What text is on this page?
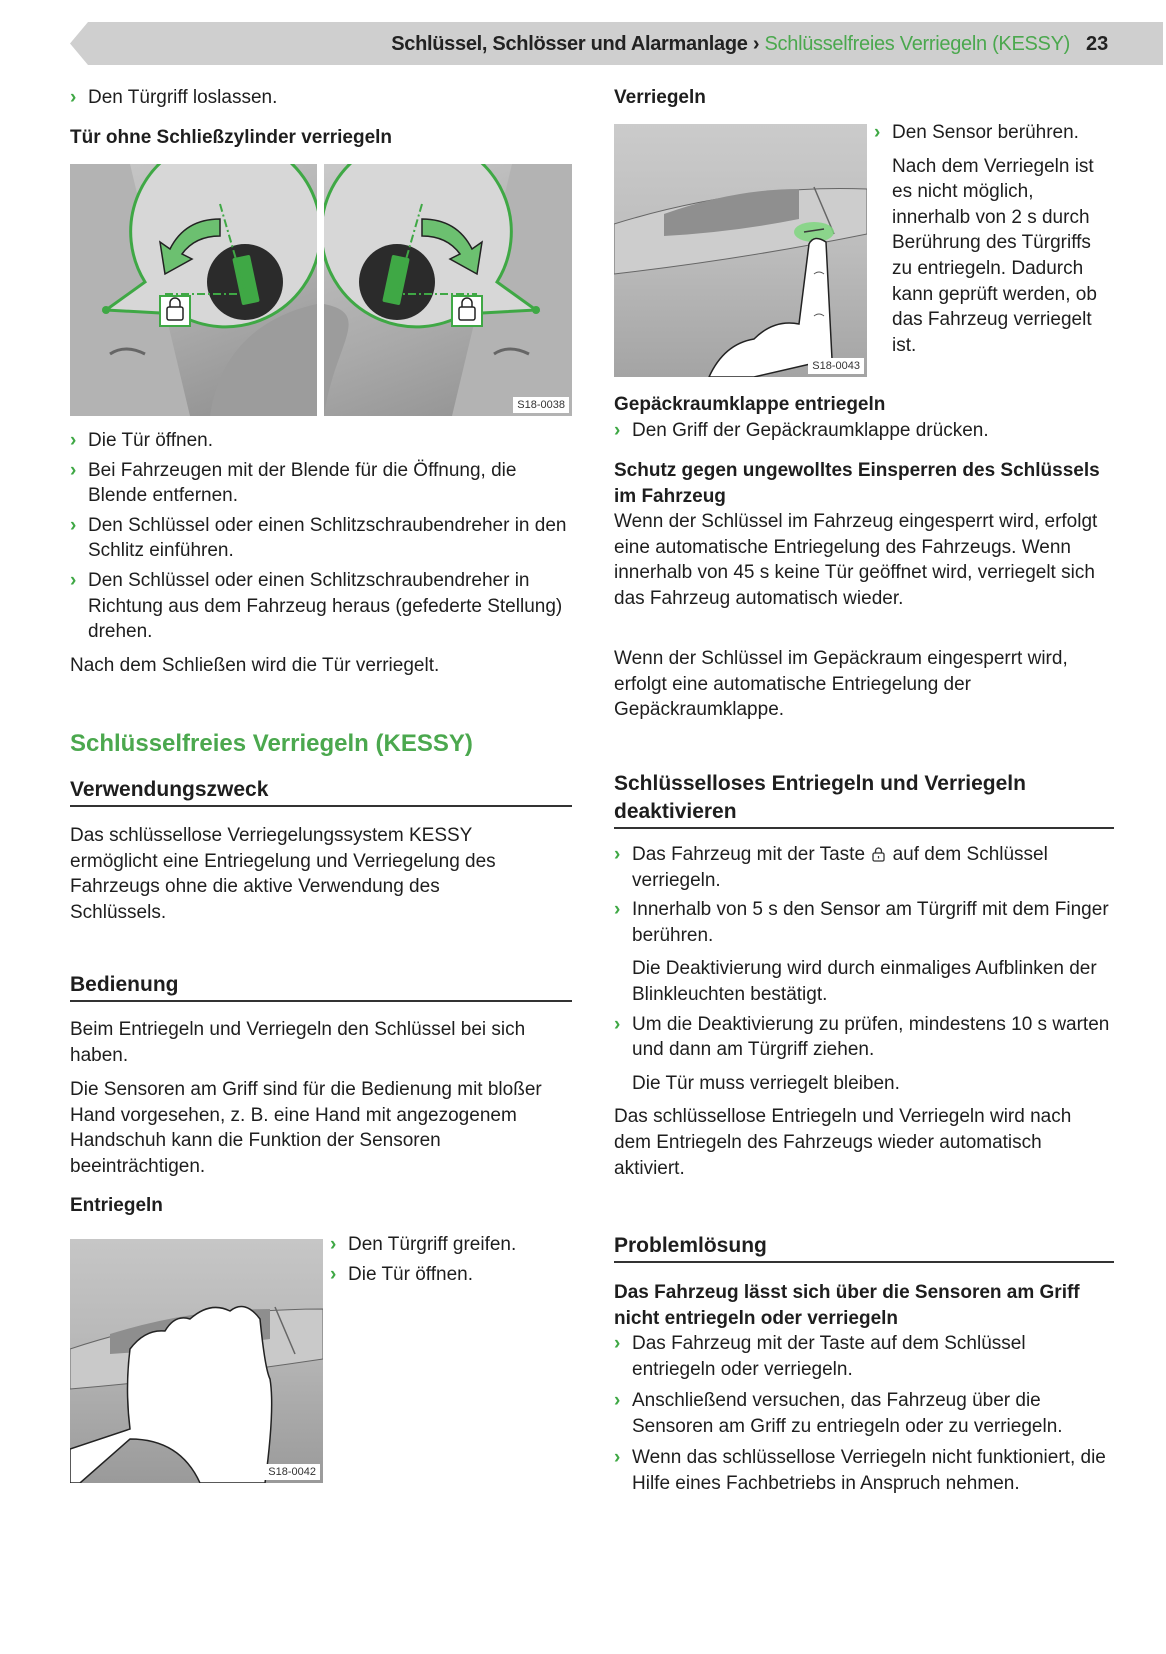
Schlüssel, Schlösser und Alarmanlage › Schlüsselfreies Verriegeln (KESSY) 23
› Den Türgriff loslassen.
Tür ohne Schließzylinder verriegeln
S18-0038
› Die Tür öffnen.
› Bei Fahrzeugen mit der Blende für die Öffnung, die Blende entfernen.
› Den Schlüssel oder einen Schlitzschraubendreher in den Schlitz einführen.
› Den Schlüssel oder einen Schlitzschraubendreher in Richtung aus dem Fahrzeug heraus (gefederte Stellung) drehen.
Nach dem Schließen wird die Tür verriegelt.
Schlüsselfreies Verriegeln (KESSY)
Verwendungszweck
Das schlüssellose Verriegelungssystem KESSY ermöglicht eine Entriegelung und Verriegelung des Fahrzeugs ohne die aktive Verwendung des Schlüssels.
Bedienung
Beim Entriegeln und Verriegeln den Schlüssel bei sich haben.
Die Sensoren am Griff sind für die Bedienung mit bloßer Hand vorgesehen, z. B. eine Hand mit angezogenem Handschuh kann die Funktion der Sensoren beeinträchtigen.
Entriegeln
S18-0042
› Den Türgriff greifen.
› Die Tür öffnen.
Verriegeln
S18-0043
› Den Sensor berühren.
Nach dem Verriegeln ist es nicht möglich, innerhalb von 2 s durch Berührung des Türgriffs zu entriegeln. Dadurch kann geprüft werden, ob das Fahrzeug verriegelt ist.
Gepäckraumklappe entriegeln
› Den Griff der Gepäckraumklappe drücken.
Schutz gegen ungewolltes Einsperren des Schlüssels im Fahrzeug
Wenn der Schlüssel im Fahrzeug eingesperrt wird, erfolgt eine automatische Entriegelung des Fahrzeugs. Wenn innerhalb von 45 s keine Tür geöffnet wird, verriegelt sich das Fahrzeug automatisch wieder.
Wenn der Schlüssel im Gepäckraum eingesperrt wird, erfolgt eine automatische Entriegelung der Gepäckraumklappe.
Schlüsselloses Entriegeln und Verriegeln deaktivieren
› Das Fahrzeug mit der Taste auf dem Schlüssel verriegeln.
› Innerhalb von 5 s den Sensor am Türgriff mit dem Finger berühren.
Die Deaktivierung wird durch einmaliges Aufblinken der Blinkleuchten bestätigt.
› Um die Deaktivierung zu prüfen, mindestens 10 s warten und dann am Türgriff ziehen.
Die Tür muss verriegelt bleiben.
Das schlüssellose Entriegeln und Verriegeln wird nach dem Entriegeln des Fahrzeugs wieder automatisch aktiviert.
Problemlösung
Das Fahrzeug lässt sich über die Sensoren am Griff nicht entriegeln oder verriegeln
› Das Fahrzeug mit der Taste auf dem Schlüssel entriegeln oder verriegeln.
› Anschließend versuchen, das Fahrzeug über die Sensoren am Griff zu entriegeln oder zu verriegeln.
› Wenn das schlüssellose Verriegeln nicht funktioniert, die Hilfe eines Fachbetriebs in Anspruch nehmen.
